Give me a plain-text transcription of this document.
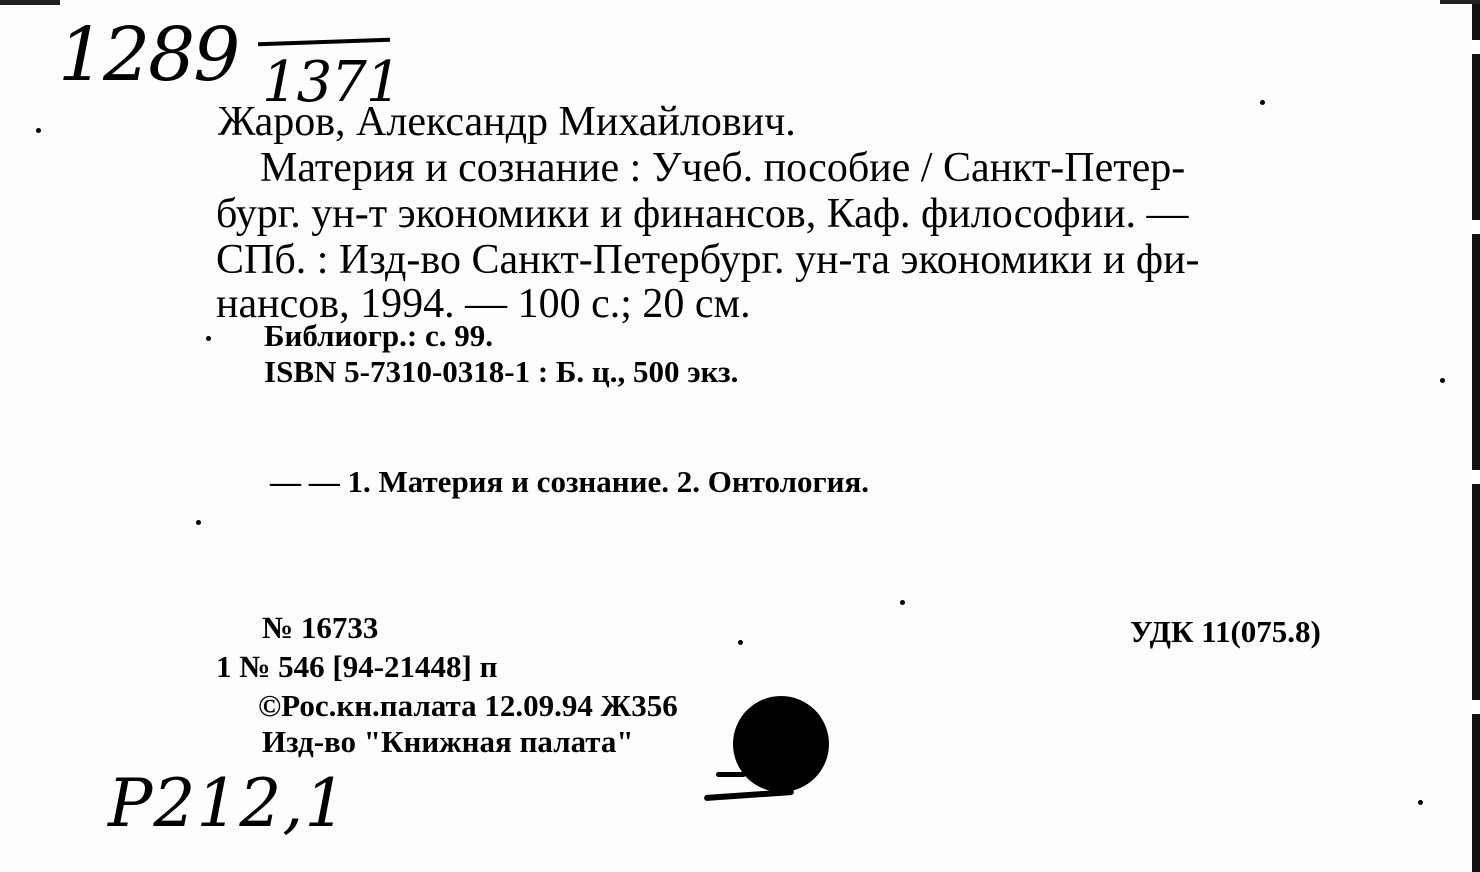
1289 1371
Жаров, Александр Михайлович.
Материя и сознание : Учеб. пособие / Санкт-Петер-
бург. ун-т экономики и финансов, Каф. философии. —
СПб. : Изд-во Санкт-Петербург. ун-та экономики и фи-
нансов, 1994. — 100 с.; 20 см.
Библиогр.: с. 99.
ISBN 5-7310-0318-1 : Б. ц., 500 экз.
— — 1. Материя и сознание. 2. Онтология.
№ 16733
1 № 546 [94-21448] п
©Рос.кн.палата 12.09.94 Ж356
Изд-во "Книжная палата"
УДК 11(075.8)
P212,1
